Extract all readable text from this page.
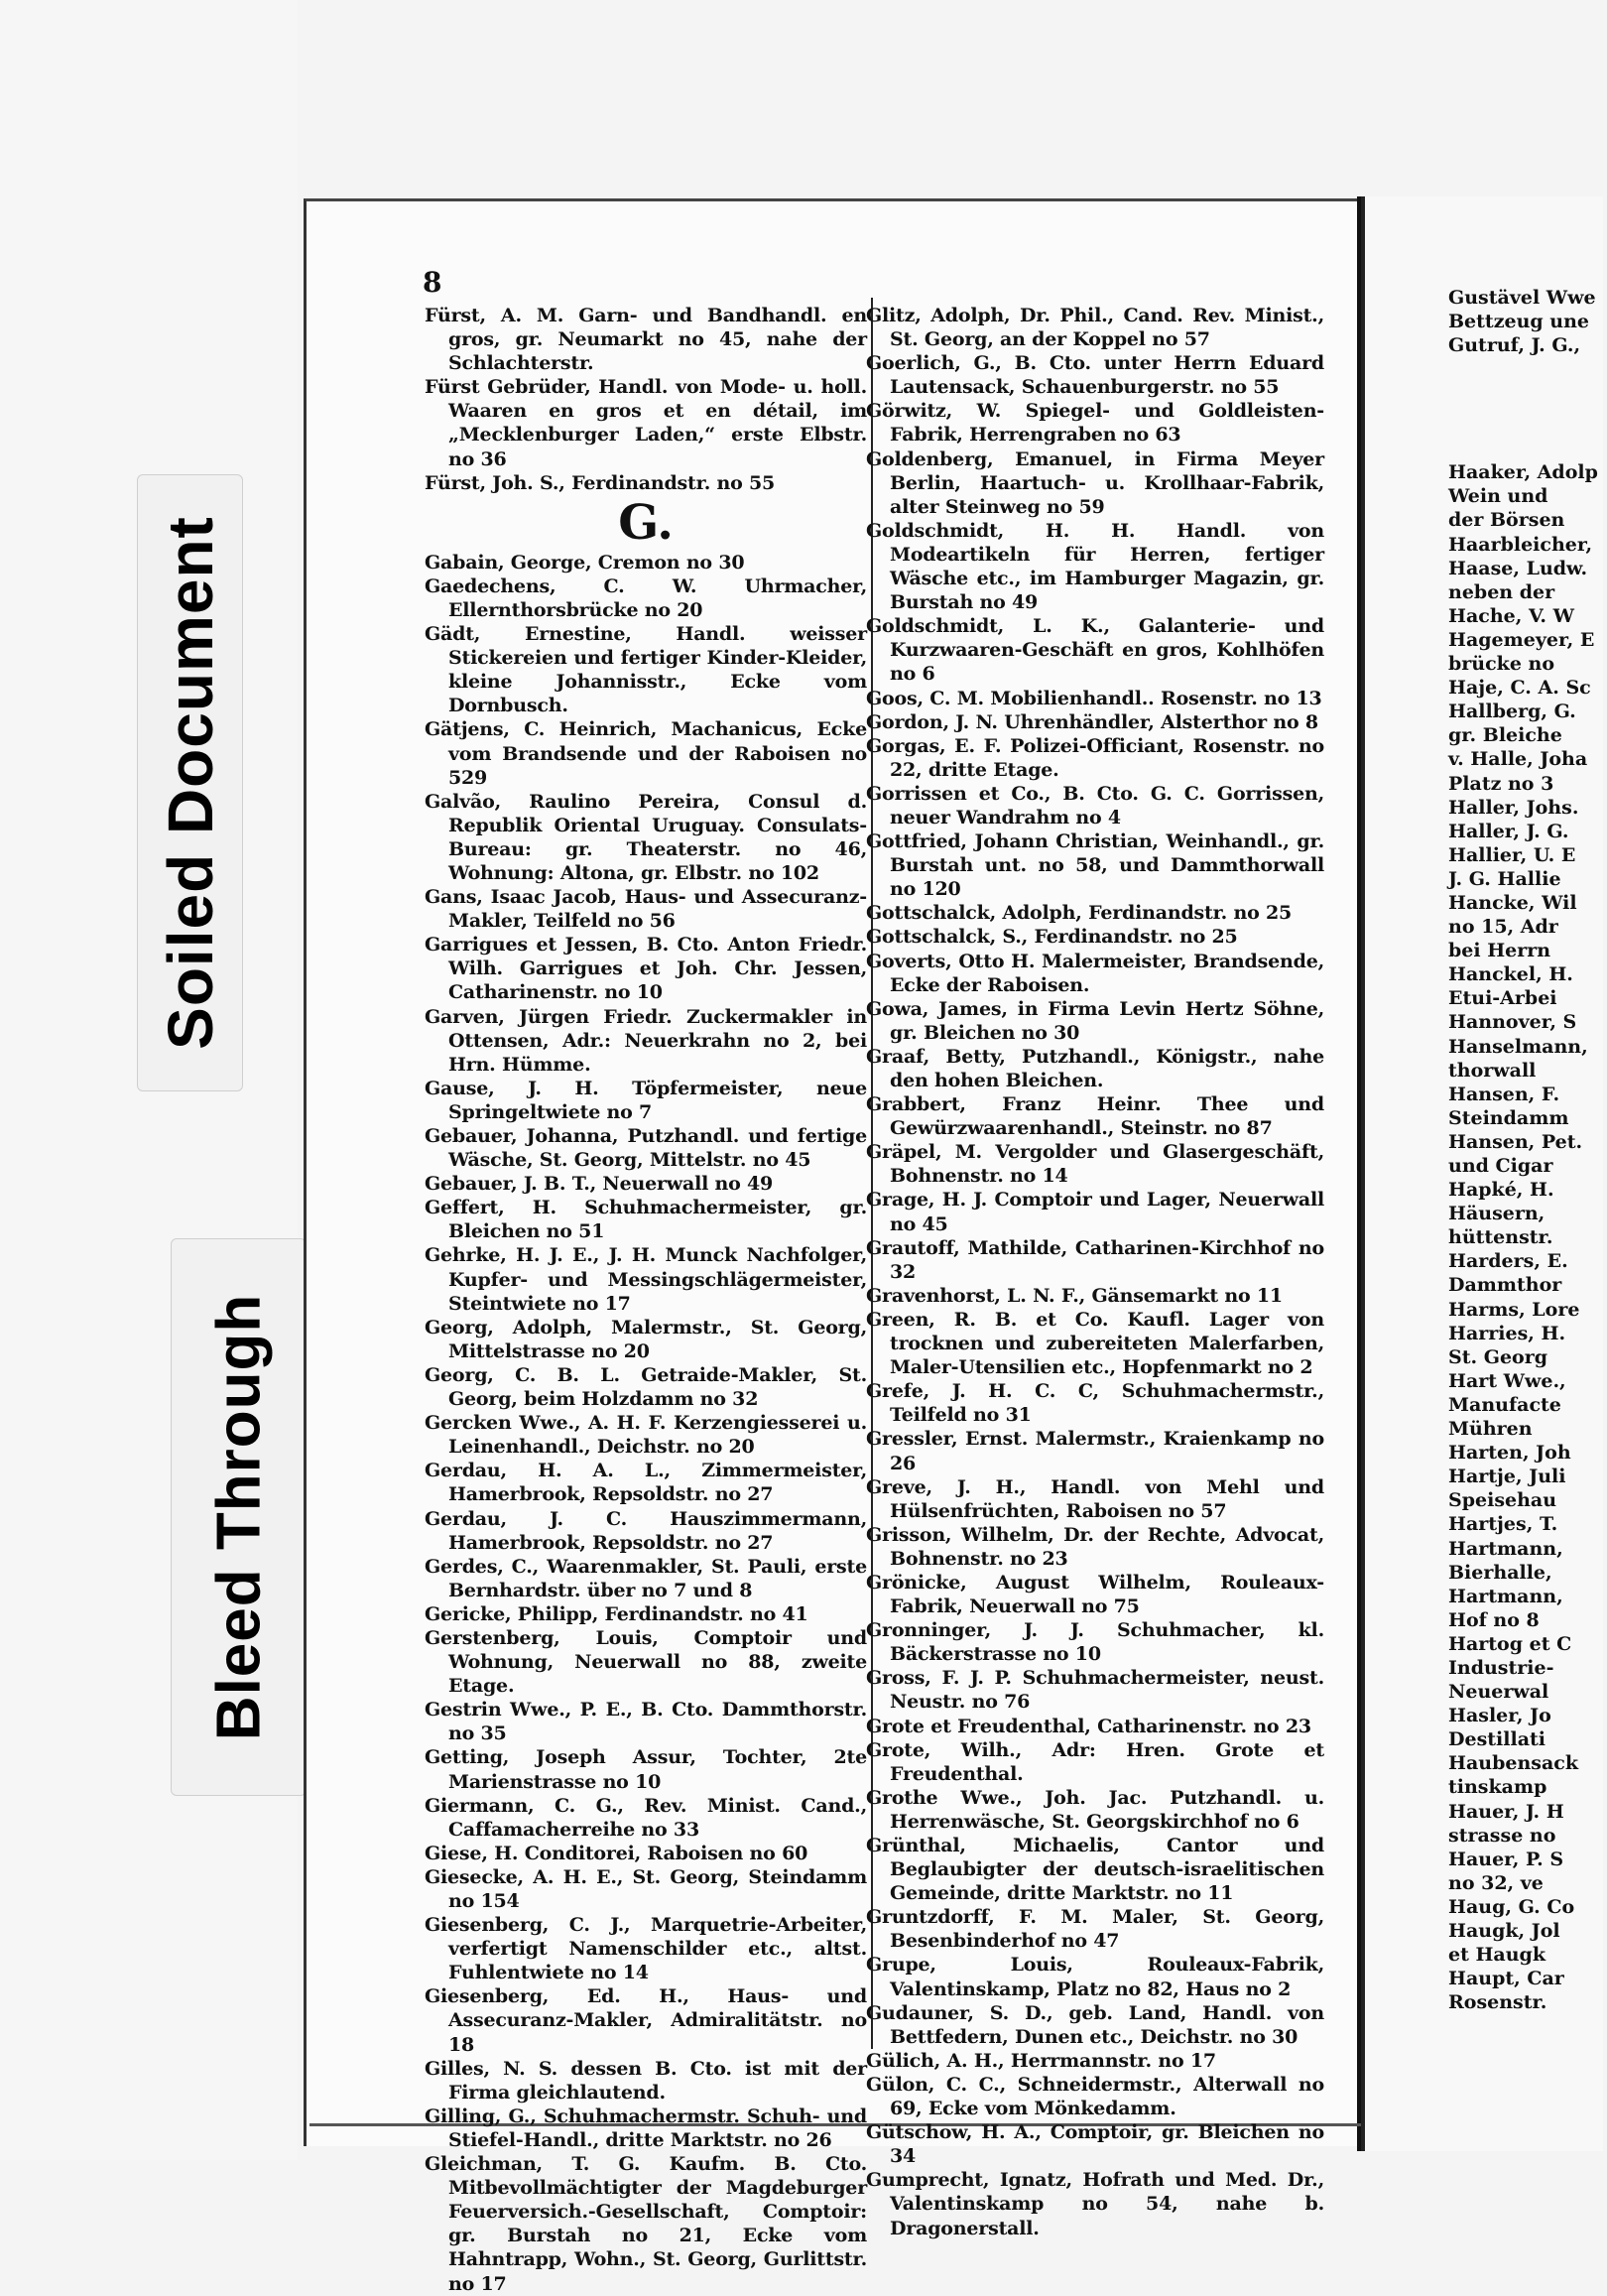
Soiled Document
Bleed Through
8

Fürst, A. M. Garn- und Bandhandl. en gros, gr. Neumarkt no 45, nahe der Schlachterstr.

Fürst Gebrüder, Handl. von Mode- u. holl. Waaren en gros et en détail, im „Mecklenburger Laden,“ erste Elbstr. no 36

Fürst, Joh. S., Ferdinandstr. no 55

G.

Gabain, George, Cremon no 30

Gaedechens, C. W. Uhrmacher, Ellernthorsbrücke no 20

Gädt, Ernestine, Handl. weisser Stickereien und fertiger Kinder-Kleider, kleine Johannisstr., Ecke vom Dornbusch.

Gätjens, C. Heinrich, Machanicus, Ecke vom Brandsende und der Raboisen no 529

Galvão, Raulino Pereira, Consul d. Republik Oriental Uruguay. Consulats-Bureau: gr. Theaterstr. no 46, Wohnung: Altona, gr. Elbstr. no 102

Gans, Isaac Jacob, Haus- und Assecuranz-Makler, Teilfeld no 56

Garrigues et Jessen, B. Cto. Anton Friedr. Wilh. Garrigues et Joh. Chr. Jessen, Catharinenstr. no 10

Garven, Jürgen Friedr. Zuckermakler in Ottensen, Adr.: Neuerkrahn no 2, bei Hrn. Hümme.

Gause, J. H. Töpfermeister, neue Springeltwiete no 7

Gebauer, Johanna, Putzhandl. und fertige Wäsche, St. Georg, Mittelstr. no 45

Gebauer, J. B. T., Neuerwall no 49

Geffert, H. Schuhmachermeister, gr. Bleichen no 51

Gehrke, H. J. E., J. H. Munck Nachfolger, Kupfer- und Messingschlägermeister, Steintwiete no 17

Georg, Adolph, Malermstr., St. Georg, Mittelstrasse no 20

Georg, C. B. L. Getraide-Makler, St. Georg, beim Holzdamm no 32

Gercken Wwe., A. H. F. Kerzengiesserei u. Leinenhandl., Deichstr. no 20

Gerdau, H. A. L., Zimmermeister, Hamerbrook, Repsoldstr. no 27

Gerdau, J. C. Hauszimmermann, Hamerbrook, Repsoldstr. no 27

Gerdes, C., Waarenmakler, St. Pauli, erste Bernhardstr. über no 7 und 8

Gericke, Philipp, Ferdinandstr. no 41

Gerstenberg, Louis, Comptoir und Wohnung, Neuerwall no 88, zweite Etage.

Gestrin Wwe., P. E., B. Cto. Dammthorstr. no 35

Getting, Joseph Assur, Tochter, 2te Marienstrasse no 10

Giermann, C. G., Rev. Minist. Cand., Caffamacherreihe no 33

Giese, H. Conditorei, Raboisen no 60

Giesecke, A. H. E., St. Georg, Steindamm no 154

Giesenberg, C. J., Marquetrie-Arbeiter, verfertigt Namenschilder etc., altst. Fuhlentwiete no 14

Giesenberg, Ed. H., Haus- und Assecuranz-Makler, Admiralitätstr. no 18

Gilles, N. S. dessen B. Cto. ist mit der Firma gleichlautend.

Gilling, G., Schuhmachermstr. Schuh- und Stiefel-Handl., dritte Marktstr. no 26

Gleichman, T. G. Kaufm. B. Cto. Mitbevollmächtigter der Magdeburger Feuerversich.-Gesellschaft, Comptoir: gr. Burstah no 21, Ecke vom Hahntrapp, Wohn., St. Georg, Gurlittstr. no 17

Glitz, Adolph, Dr. Phil., Cand. Rev. Minist., St. Georg, an der Koppel no 57

Goerlich, G., B. Cto. unter Herrn Eduard Lautensack, Schauenburgerstr. no 55

Görwitz, W. Spiegel- und Goldleisten-Fabrik, Herrengraben no 63

Goldenberg, Emanuel, in Firma Meyer Berlin, Haartuch- u. Krollhaar-Fabrik, alter Steinweg no 59

Goldschmidt, H. H. Handl. von Modeartikeln für Herren, fertiger Wäsche etc., im Hamburger Magazin, gr. Burstah no 49

Goldschmidt, L. K., Galanterie- und Kurzwaaren-Geschäft en gros, Kohlhöfen no 6

Goos, C. M. Mobilienhandl.. Rosenstr. no 13

Gordon, J. N. Uhrenhändler, Alsterthor no 8

Gorgas, E. F. Polizei-Officiant, Rosenstr. no 22, dritte Etage.

Gorrissen et Co., B. Cto. G. C. Gorrissen, neuer Wandrahm no 4

Gottfried, Johann Christian, Weinhandl., gr. Burstah unt. no 58, und Dammthorwall no 120

Gottschalck, Adolph, Ferdinandstr. no 25

Gottschalck, S., Ferdinandstr. no 25

Goverts, Otto H. Malermeister, Brandsende, Ecke der Raboisen.

Gowa, James, in Firma Levin Hertz Söhne, gr. Bleichen no 30

Graaf, Betty, Putzhandl., Königstr., nahe den hohen Bleichen.

Grabbert, Franz Heinr. Thee und Gewürzwaarenhandl., Steinstr. no 87

Gräpel, M. Vergolder und Glasergeschäft, Bohnenstr. no 14

Grage, H. J. Comptoir und Lager, Neuerwall no 45

Grautoff, Mathilde, Catharinen-Kirchhof no 32

Gravenhorst, L. N. F., Gänsemarkt no 11

Green, R. B. et Co. Kaufl. Lager von trocknen und zubereiteten Malerfarben, Maler-Utensilien etc., Hopfenmarkt no 2

Grefe, J. H. C. C, Schuhmachermstr., Teilfeld no 31

Gressler, Ernst. Malermstr., Kraienkamp no 26

Greve, J. H., Handl. von Mehl und Hülsenfrüchten, Raboisen no 57

Grisson, Wilhelm, Dr. der Rechte, Advocat, Bohnenstr. no 23

Grönicke, August Wilhelm, Rouleaux-Fabrik, Neuerwall no 75

Gronninger, J. J. Schuhmacher, kl. Bäckerstrasse no 10

Gross, F. J. P. Schuhmachermeister, neust. Neustr. no 76

Grote et Freudenthal, Catharinenstr. no 23

Grote, Wilh., Adr: Hren. Grote et Freudenthal.

Grothe Wwe., Joh. Jac. Putzhandl. u. Herrenwäsche, St. Georgskirchhof no 6

Grünthal, Michaelis, Cantor und Beglaubigter der deutsch-israelitischen Gemeinde, dritte Marktstr. no 11

Gruntzdorff, F. M. Maler, St. Georg, Besenbinderhof no 47

Grupe, Louis, Rouleaux-Fabrik, Valentinskamp, Platz no 82, Haus no 2

Gudauner, S. D., geb. Land, Handl. von Bettfedern, Dunen etc., Deichstr. no 30

Gülich, A. H., Herrmannstr. no 17

Gülon, C. C., Schneidermstr., Alterwall no 69, Ecke vom Mönkedamm.

Gütschow, H. A., Comptoir, gr. Bleichen no 34

Gumprecht, Ignatz, Hofrath und Med. Dr., Valentinskamp no 54, nahe b. Dragonerstall.

Gustävel Wwe

Bettzeug une

Gutruf, J. G.,

Haaker, Adolp

Wein und

der Börsen

Haarbleicher,

Haase, Ludw.

neben der

Hache, V. W

Hagemeyer, E

brücke no

Haje, C. A. Sc

Hallberg, G.

gr. Bleiche

v. Halle, Joha

Platz no 3

Haller, Johs.

Haller, J. G.

Hallier, U. E

J. G. Hallie

Hancke, Wil

no 15, Adr

bei Herrn

Hanckel, H.

Etui-Arbei

Hannover, S

Hanselmann,

thorwall

Hansen, F.

Steindamm

Hansen, Pet.

und Cigar

Hapké, H.

Häusern,

hüttenstr.

Harders, E.

Dammthor

Harms, Lore

Harries, H.

St. Georg

Hart Wwe.,

Manufacte

Mühren

Harten, Joh

Hartje, Juli

Speisehau

Hartjes, T.

Hartmann,

Bierhalle,

Hartmann,

Hof no 8

Hartog et C

Industrie-

Neuerwal

Hasler, Jo

Destillati

Haubensack

tinskamp

Hauer, J. H

strasse no

Hauer, P. S

no 32, ve

Haug, G. Co

Haugk, Jol

et Haugk

Haupt, Car

Rosenstr.
